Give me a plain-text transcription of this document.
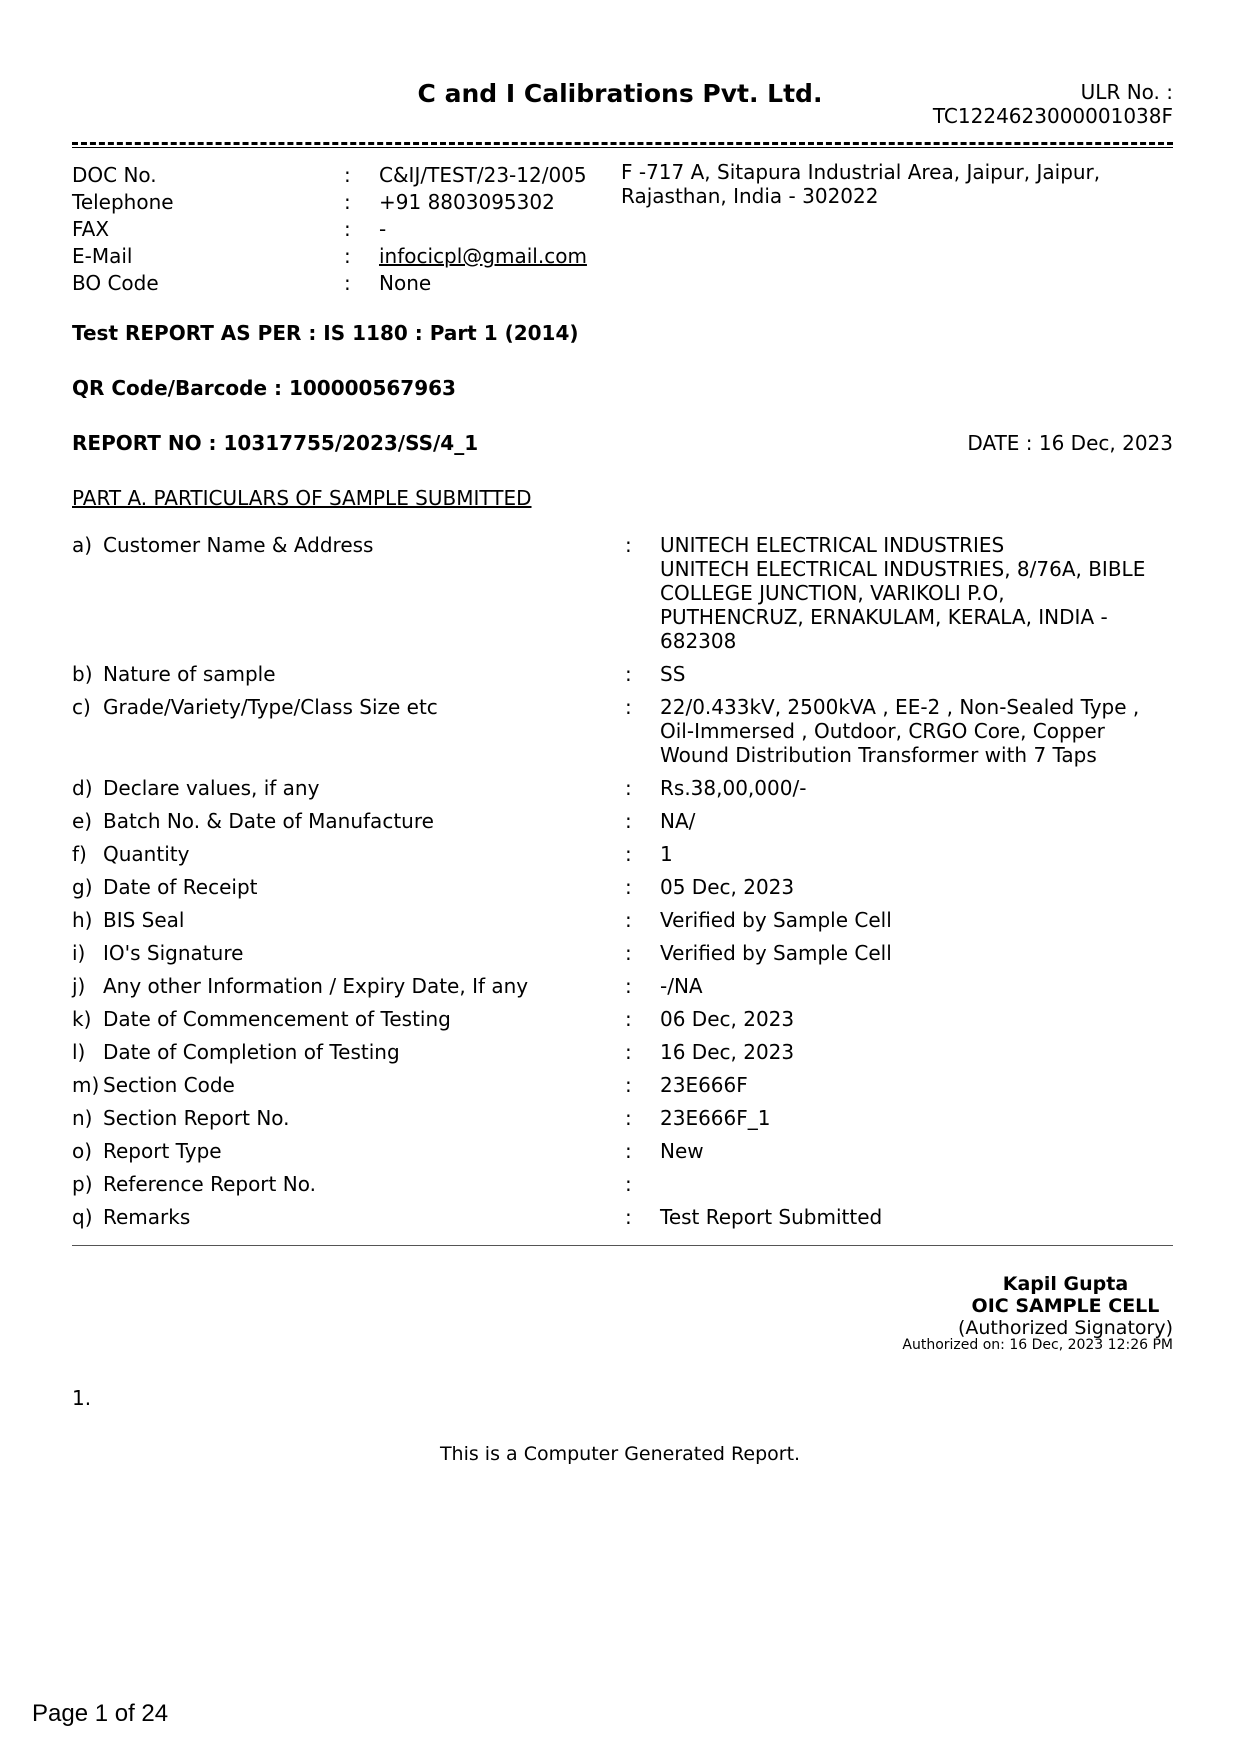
C and I Calibrations Pvt. Ltd.	ULR No. :
TC1224623000001038F
DOC No.	:	C&IJ/TEST/23-12/005
Telephone	:	+91 8803095302
FAX	:	-
E-Mail	:	infocicpl@gmail.com
BO Code	:	None
F -717 A, Sitapura Industrial Area, Jaipur, Jaipur,
Rajasthan, India - 302022
Test REPORT AS PER : IS 1180 : Part 1 (2014)
QR Code/Barcode : 100000567963
REPORT NO : 10317755/2023/SS/4_1	DATE : 16 Dec, 2023
PART A. PARTICULARS OF SAMPLE SUBMITTED
a) Customer Name & Address	:	UNITECH ELECTRICAL INDUSTRIES
UNITECH ELECTRICAL INDUSTRIES, 8/76A, BIBLE
COLLEGE JUNCTION, VARIKOLI P.O,
PUTHENCRUZ, ERNAKULAM, KERALA, INDIA -
682308
b) Nature of sample	:	SS
c) Grade/Variety/Type/Class Size etc	:	22/0.433kV, 2500kVA , EE-2 , Non-Sealed Type ,
Oil-Immersed , Outdoor, CRGO Core, Copper
Wound Distribution Transformer with 7 Taps
d) Declare values, if any	:	Rs.38,00,000/-
e) Batch No. & Date of Manufacture	:	NA/
f) Quantity	:	1
g) Date of Receipt	:	05 Dec, 2023
h) BIS Seal	:	Verified by Sample Cell
i) IO's Signature	:	Verified by Sample Cell
j) Any other Information / Expiry Date, If any	:	-/NA
k) Date of Commencement of Testing	:	06 Dec, 2023
l) Date of Completion of Testing	:	16 Dec, 2023
m) Section Code	:	23E666F
n) Section Report No.	:	23E666F_1
o) Report Type	:	New
p) Reference Report No.	:

q) Remarks	:	Test Report Submitted
Kapil Gupta
OIC SAMPLE CELL
(Authorized Signatory)
Authorized on: 16 Dec, 2023 12:26 PM
1.
This is a Computer Generated Report.
Page 1 of 24
